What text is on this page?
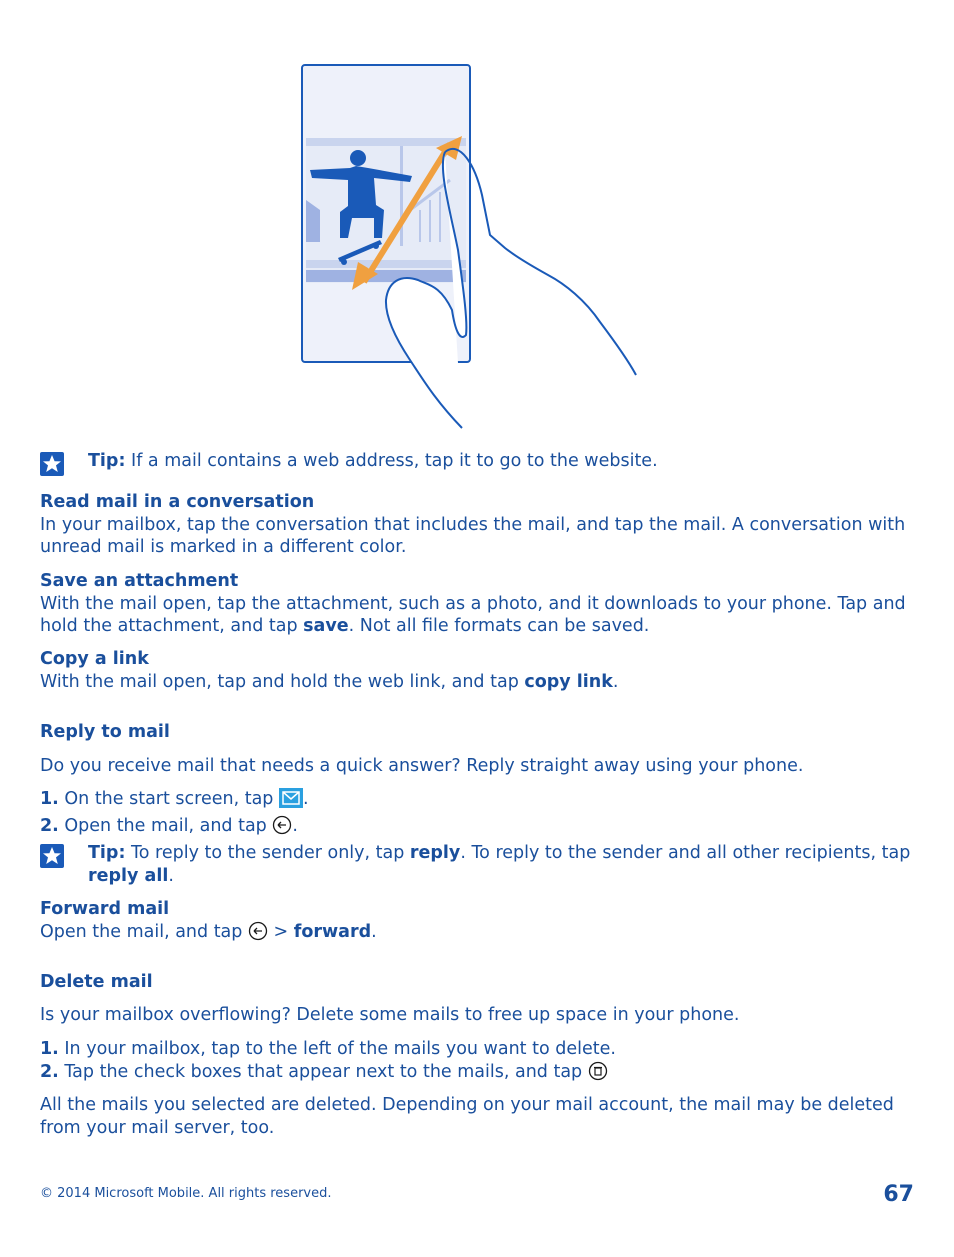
Tip: If a mail contains a web address, tap it to go to the website.
Read mail in a conversation
In your mailbox, tap the conversation that includes the mail, and tap the mail. A conversation with unread mail is marked in a different color.
Save an attachment
With the mail open, tap the attachment, such as a photo, and it downloads to your phone. Tap and hold the attachment, and tap save. Not all file formats can be saved.
Copy a link
With the mail open, tap and hold the web link, and tap copy link.
Reply to mail
Do you receive mail that needs a quick answer? Reply straight away using your phone.
1. On the start screen, tap .
2. Open the mail, and tap .
Tip: To reply to the sender only, tap reply. To reply to the sender and all other recipients, tap reply all.
Forward mail
Open the mail, and tap  > forward.
Delete mail
Is your mailbox overflowing? Delete some mails to free up space in your phone.
1. In your mailbox, tap to the left of the mails you want to delete.
2. Tap the check boxes that appear next to the mails, and tap
All the mails you selected are deleted. Depending on your mail account, the mail may be deleted from your mail server, too.
© 2014 Microsoft Mobile. All rights reserved.	67
